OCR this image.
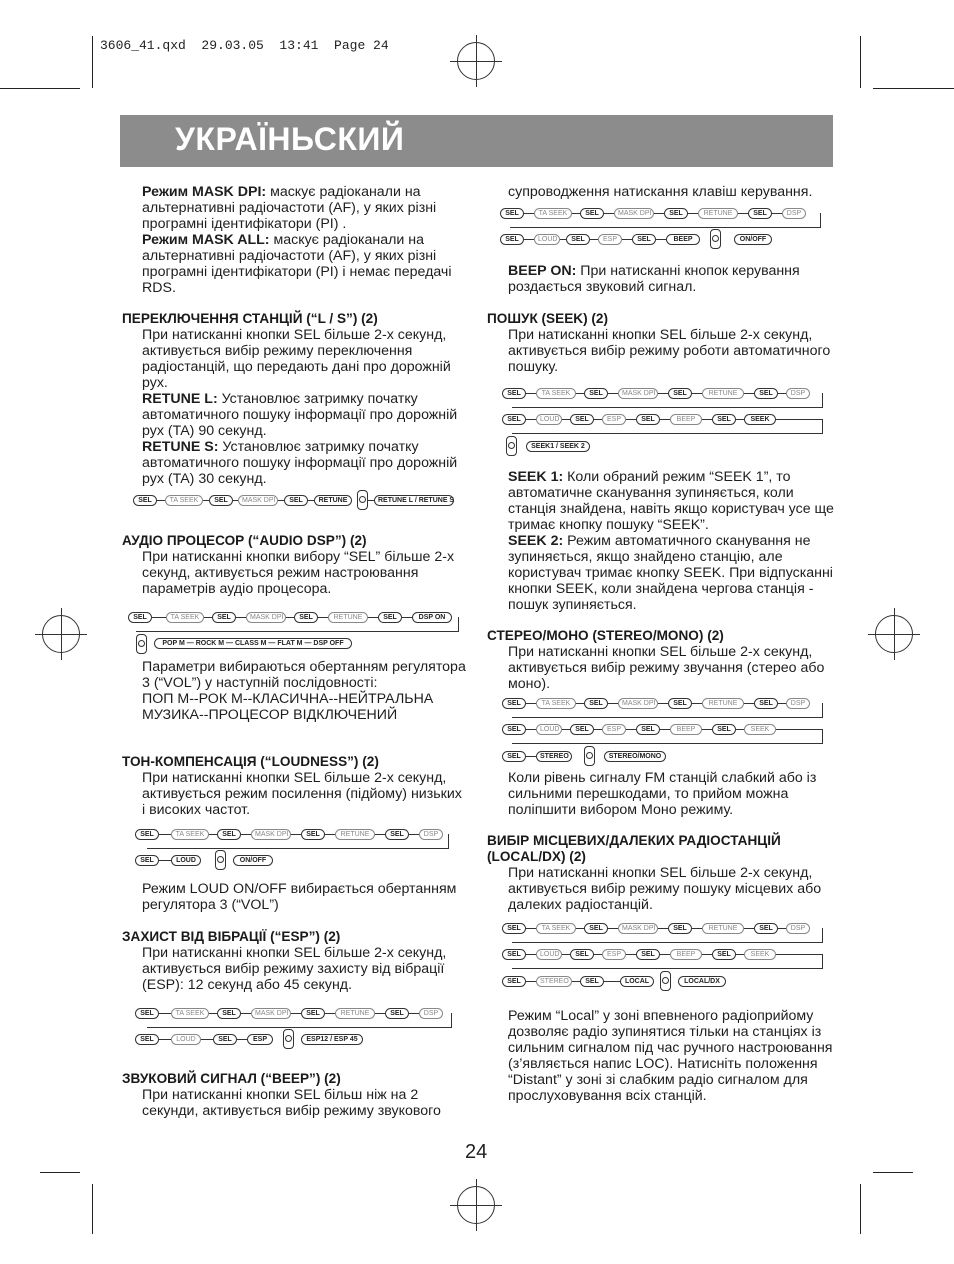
3606_41.qxd  29.03.05  13:41  Page 24
УКРАЇНЬСКИЙ

Режим MASK DPI: маскує радіоканали на альтернативні радіочастоти (AF), у яких різні програмні ідентифікатори (PI) .

Режим MASK ALL: маскує радіоканали на альтернативні радіочастоти (AF), у яких різні програмні ідентифікатори (PI) і немає передачі RDS.

ПЕРЕКЛЮЧЕННЯ СТАНЦІЙ (“L / S”) (2)

При натисканні кнопки SEL більше 2-х секунд, активується вибір режиму переключення радіостанцій, що передають дані про дорожній рух.

RETUNE L: Установлює затримку початку автоматичного пошуку інформації про дорожній рух (TA) 90 секунд.

RETUNE S: Установлює затримку початку автоматичного пошуку інформації про дорожній рух (TA) 30 секунд.

SEL	TA SEEK	SEL	MASK DPI	SEL	RETUNE	RETUNE L / RETUNE S
АУДІО ПРОЦЕСОР (“AUDIO DSP”) (2)
При натисканні кнопки вибору “SEL” більше 2-х секунд, активується режим настроювання параметрів аудіо процесора.
SEL	TA SEEK	SEL	MASK DPI	SEL	RETUNE	SEL	DSP ON
POP M — ROCK M — CLASS M — FLAT M — DSP OFF

Параметри вибираються обертанням регулятора 3 (“VOL”) у наступній послідовності:

ПОП М--РОК М--КЛАСИЧНА--НЕЙТРАЛЬНА МУЗИКА--ПРОЦЕСОР ВІДКЛЮЧЕНИЙ

ТОН-КОМПЕНСАЦІЯ (“LOUDNESS”) (2)
При натисканні кнопки SEL більше 2-х секунд, активується режим посилення (підйому) низьких і високих частот.
SEL	TA SEEK	SEL	MASK DPI	SEL	RETUNE	SEL	DSP
SEL	LOUD	ON/OFF
Режим LOUD ON/OFF вибирається обертанням регулятора 3 (“VOL”)
ЗАХИСТ ВІД ВІБРАЦІЇ (“ESP”) (2)
При натисканні кнопки SEL більше 2-х секунд, активується вибір режиму захисту від вібрації (ESP): 12 секунд або 45 секунд.
SEL	TA SEEK	SEL	MASK DPI	SEL	RETUNE	SEL	DSP
SEL	LOUD	SEL	ESP	ESP12 / ESP 45
ЗВУКОВИЙ СИГНАЛ (“BEEP”) (2)
При натисканні кнопки SEL більш ніж на 2 секунди, активується вибір режиму звукового
супроводження натискання клавіш керування.
SEL	TA SEEK	SEL	MASK DPI	SEL	RETUNE	SEL	DSP
SEL	LOUD	SEL	ESP	SEL	BEEP	ON/OFF

BEEP ON: При натисканні кнопок керування роздається звуковий сигнал.

ПОШУК (SEEK) (2)
При натисканні кнопки SEL більше 2-х секунд, активується вибір режиму роботи автоматичного пошуку.
SEL	TA SEEK	SEL	MASK DPI	SEL	RETUNE	SEL	DSP
SEL	LOUD	SEL	ESP	SEL	BEEP	SEL	SEEK
SEEK1 / SEEK 2

SEEK 1: Коли обраний режим “SEEK 1”, то автоматичне сканування зупиняється, коли станція знайдена, навіть якщо користувач усе ще тримає кнопку пошуку “SEEK”.

SEEK 2: Режим автоматичного сканування не зупиняється, якщо знайдено станцію, але користувач тримає кнопку SEEK. При відпусканні кнопки SEEK, коли знайдена чергова станція - пошук зупиняється.

СТЕРЕО/МОНО (STEREO/MONO) (2)
При натисканні кнопки SEL більше 2-х секунд, активується вибір режиму звучання (стерео або моно).
SEL	TA SEEK	SEL	MASK DPI	SEL	RETUNE	SEL	DSP
SEL	LOUD	SEL	ESP	SEL	BEEP	SEL	SEEK
SEL	STEREO	STEREO/MONO
Коли рівень сигналу FM станцій слабкий або із сильними перешкодами, то прийом можна поліпшити вибором Моно режиму.
ВИБІР МІСЦЕВИХ/ДАЛЕКИХ РАДІОСТАНЦІЙ
(LOCAL/DX) (2)
При натисканні кнопки SEL більше 2-х секунд, активується вибір режиму пошуку місцевих або далеких радіостанцій.
SEL	TA SEEK	SEL	MASK DPI	SEL	RETUNE	SEL	DSP
SEL	LOUD	SEL	ESP	SEL	BEEP	SEL	SEEK
SEL	STEREO	SEL	LOCAL	LOCAL/DX
Режим “Local” у зоні впевненого радіоприйому дозволяє радіо зупинятися тільки на станціях із сильним сигналом під час ручного настроювання (з’являється напис LOC). Натисніть положення “Distant” у зоні зі слабким радіо сигналом для прослуховування всіх станцій.
24
